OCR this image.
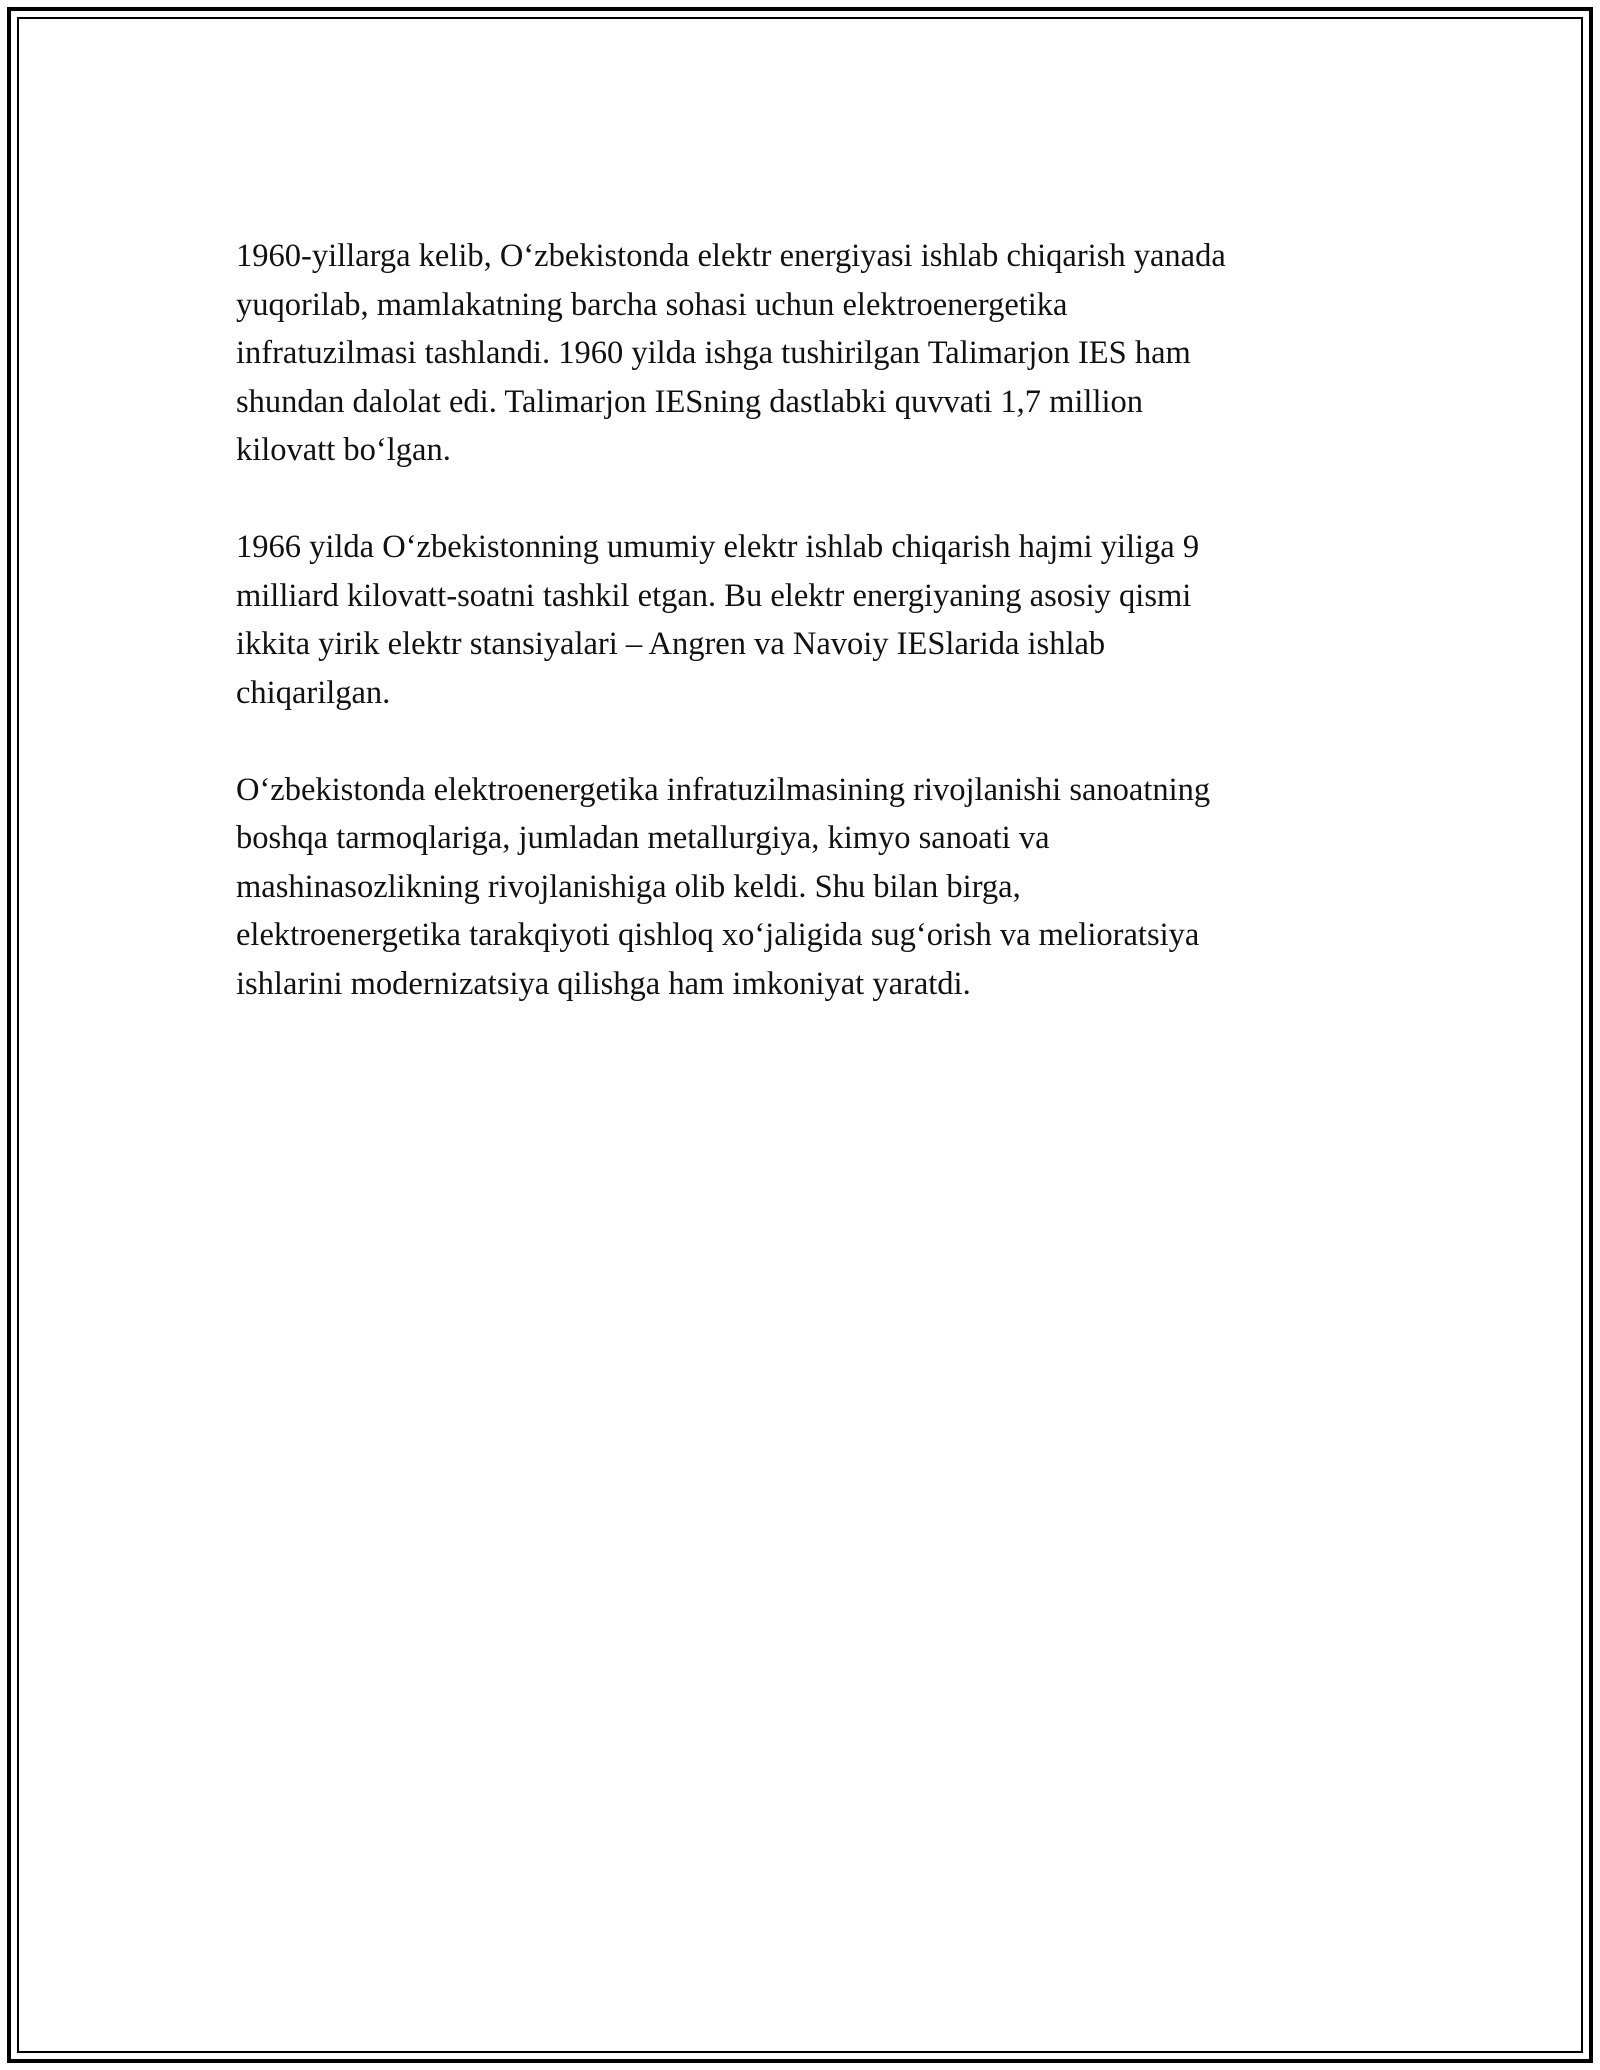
1960-yillarga kelib, O‘zbekistonda elektr energiyasi ishlab chiqarish yanada
yuqorilab, mamlakatning barcha sohasi uchun elektroenergetika
infratuzilmasi tashlandi. 1960 yilda ishga tushirilgan Talimarjon IES ham
shundan dalolat edi. Talimarjon IESning dastlabki quvvati 1,7 million
kilovatt bo‘lgan.

1966 yilda O‘zbekistonning umumiy elektr ishlab chiqarish hajmi yiliga 9
milliard kilovatt-soatni tashkil etgan. Bu elektr energiyaning asosiy qismi
ikkita yirik elektr stansiyalari – Angren va Navoiy IESlarida ishlab
chiqarilgan.

O‘zbekistonda elektroenergetika infratuzilmasining rivojlanishi sanoatning
boshqa tarmoqlariga, jumladan metallurgiya, kimyo sanoati va
mashinasozlikning rivojlanishiga olib keldi. Shu bilan birga,
elektroenergetika tarakqiyoti qishloq xo‘jaligida sug‘orish va melioratsiya
ishlarini modernizatsiya qilishga ham imkoniyat yaratdi.
